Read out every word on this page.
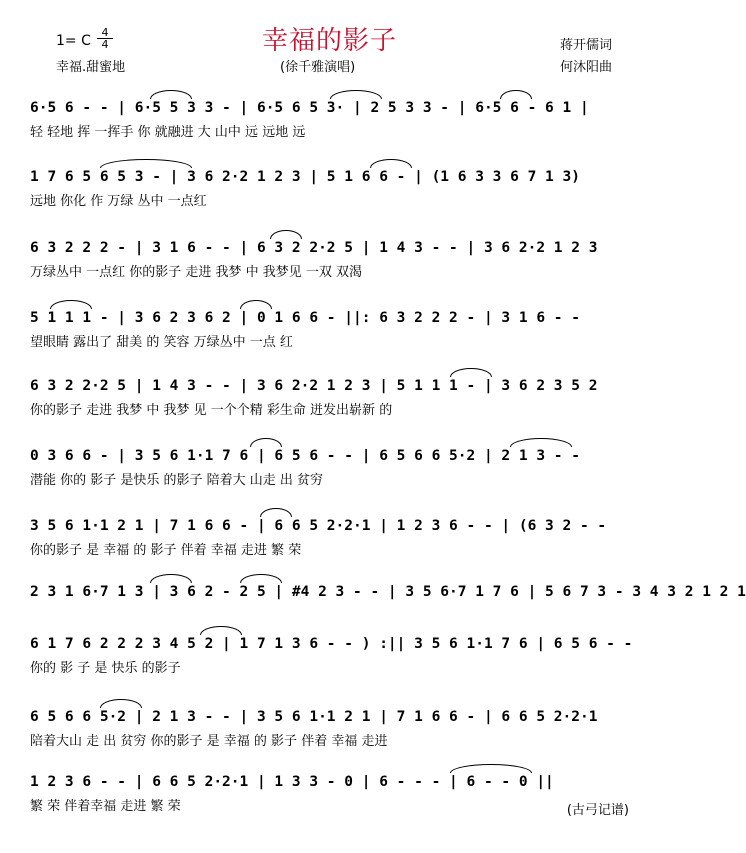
1= C $\frac{4}{4}$	幸福的影子
幸福.甜蜜地	(徐千雅演唱)
蒋开儒词
何沐阳曲
6·5 6 - - | 6·5 5 3 3 - | 6·5 6 5 3· | 2 5 3 3 - | 6·5 6 - 6 1 |
轻 轻地 挥 一挥手 你 就融进 大 山中 远 远地 远
1 7 6 5 6 5 3 - | 3 6 2·2 1 2 3 | 5 1 6 6 - | (1 6 3 3 6 7 1 3)
远地 你化 作 万绿 丛中 一点红
6 3 2 2 2 - | 3 1 6 - - | 6 3 2 2·2 5 | 1 4 3 - - | 3 6 2·2 1 2 3
万绿丛中 一点红 你的影子 走进 我梦 中 我梦见 一双 双渴
5 1 1 1 - | 3 6 2 3 6 2 | 0 1 6 6 - ||: 6 3 2 2 2 - | 3 1 6 - -
望眼睛 露出了 甜美 的 笑容 万绿丛中 一点 红
6 3 2 2·2 5 | 1 4 3 - - | 3 6 2·2 1 2 3 | 5 1 1 1 - | 3 6 2 3 5 2
你的影子 走进 我梦 中 我梦 见 一个个精 彩生命 迸发出崭新 的
0 3 6 6 - | 3 5 6 1·1 7 6 | 6 5 6 - - | 6 5 6 6 5·2 | 2 1 3 - -
潜能 你的 影子 是快乐 的影子 陪着大 山走 出 贫穷
3 5 6 1·1 2 1 | 7 1 6 6 - | 6 6 5 2·2·1 | 1 2 3 6 - - | (6 3 2 - -
你的影子 是 幸福 的 影子 伴着 幸福 走进 繁 荣
2 3 1 6·7 1 3 | 3 6 2 - 2 5 | #4 2 3 - - | 3 5 6·7 1 7 6 | 5 6 7 3 - 3 4 3 2 1 2 1
6 1 7 6 2 2 2 3 4 5 2 | 1 7 1 3 6 - - ) :|| 3 5 6 1·1 7 6 | 6 5 6 - -
你的 影 子 是 快乐 的影子
6 5 6 6 5·2 | 2 1 3 - - | 3 5 6 1·1 2 1 | 7 1 6 6 - | 6 6 5 2·2·1
陪着大山 走 出 贫穷 你的影子 是 幸福 的 影子 伴着 幸福 走进
1 2 3 6 - - | 6 6 5 2·2·1 | 1 3 3 - 0 | 6 - - - | 6 - - 0 ||
繁 荣 伴着幸福 走进 繁 荣	(古弓记谱)
